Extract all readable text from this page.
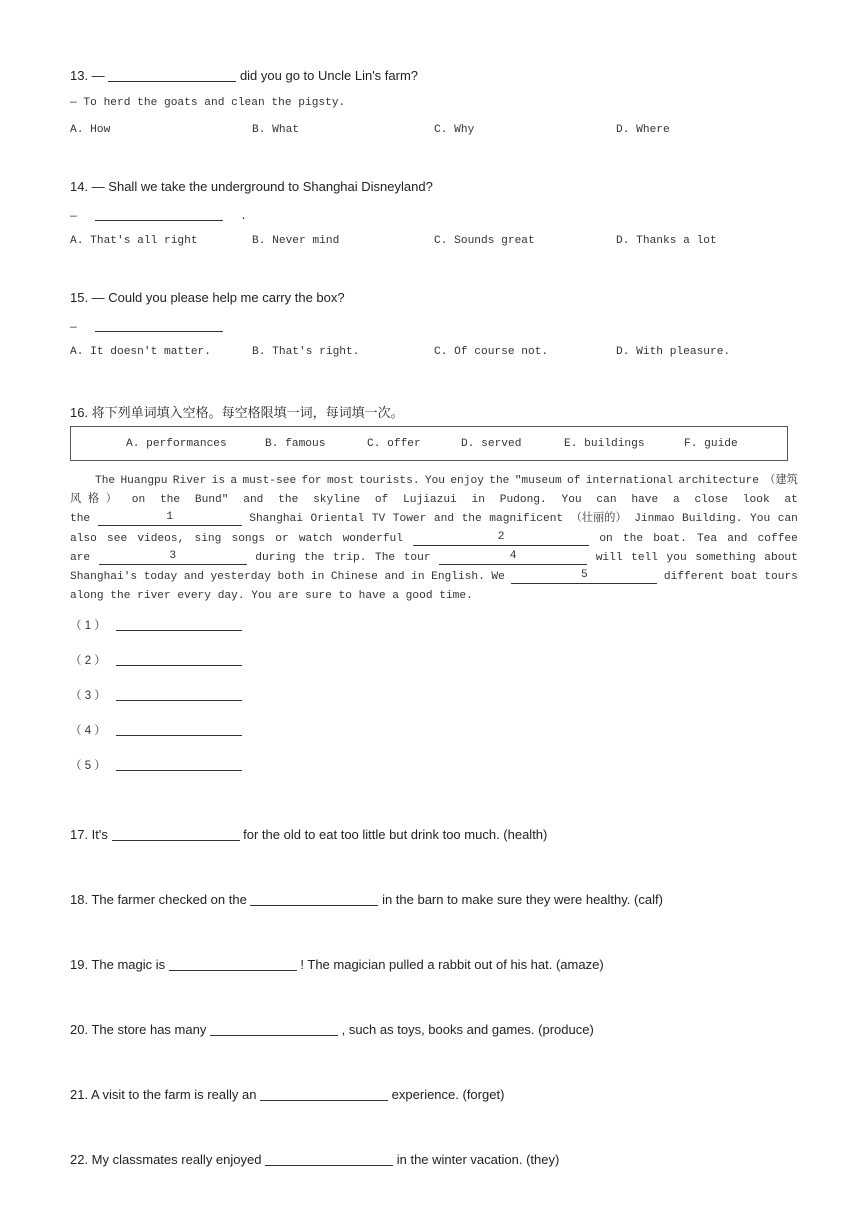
13. —	did you go to Uncle Lin's farm?
— To herd the goats and clean the pigsty.
A. How	B. What	C. Why	D. Where
14. — Shall we take the underground to Shanghai Disneyland?
—	.
A. That's all right	B. Never mind	C. Sounds great	D. Thanks a lot
15. — Could you please help me carry the box?
—
A. It doesn't matter.	B. That's right.	C. Of course not.	D. With pleasure.
16. 将下列单词填入空格。每空格限填一词，每词填一次。
A. performances	B. famous	C. offer	D. served	E. buildings	F. guide
The Huangpu River is a must-see for most tourists. You enjoy the "museum of international architecture （建筑
风 格 ） on the Bund" and the skyline of Lujiazui in Pudong. You can have a close look at
the	1	Shanghai Oriental TV Tower and the magnificent （壮丽的） Jinmao Building. You can
also see videos, sing songs or watch wonderful	2	on the boat. Tea and coffee
are	3	during the trip. The tour	4	will tell you something about
Shanghai's today and yesterday both in Chinese and in English. We	5	different boat tours
along the river every day. You are sure to have a good time.
（ 1 ）
（ 2 ）
（ 3 ）
（ 4 ）
（ 5 ）
17. It's	for the old to eat too little but drink too much. (health)
18. The farmer checked on the	in the barn to make sure they were healthy. (calf)
19. The magic is	! The magician pulled a rabbit out of his hat. (amaze)
20. The store has many	, such as toys, books and games. (produce)
21. A visit to the farm is really an	experience. (forget)
22. My classmates really enjoyed	in the winter vacation. (they)
